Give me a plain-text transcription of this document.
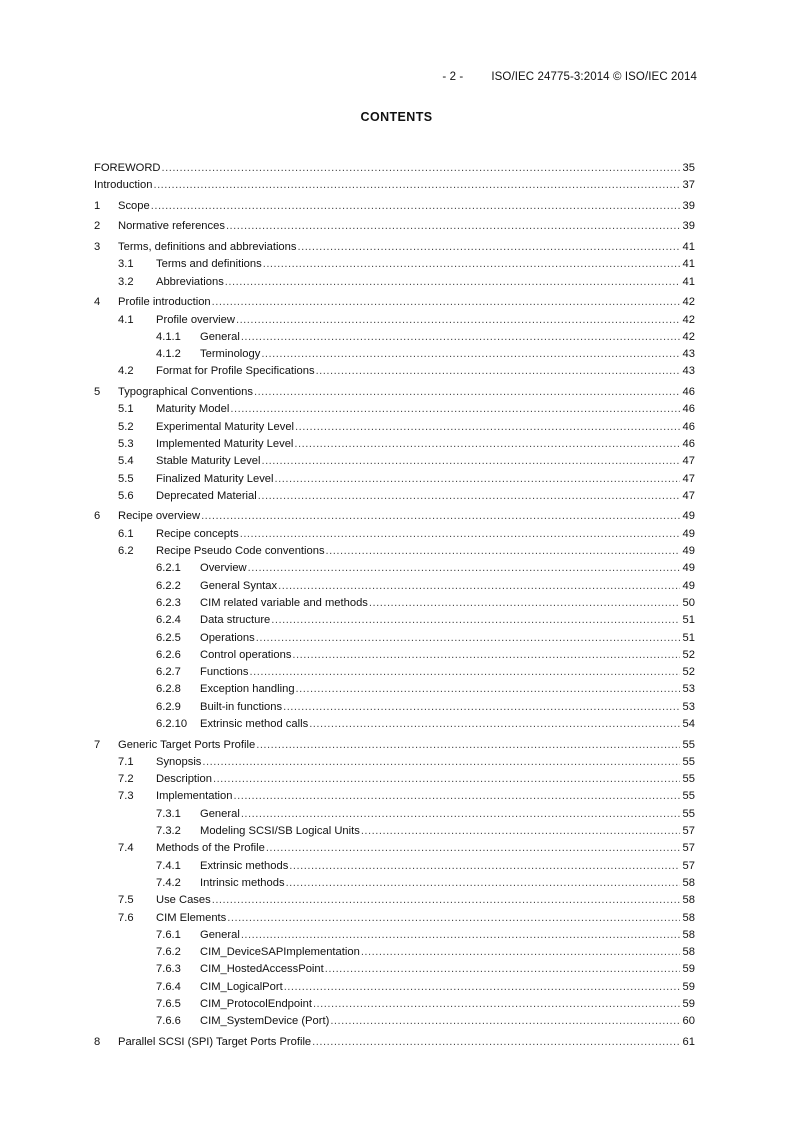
- 2 - ISO/IEC 24775-3:2014 © ISO/IEC 2014
CONTENTS
FOREWORD .....	35
Introduction .....	37
1	Scope .....	39
2	Normative references .....	39
3	Terms, definitions and abbreviations .....	41
3.1	Terms and definitions .....	41
3.2	Abbreviations .....	41
4	Profile introduction .....	42
4.1	Profile overview .....	42
4.1.1	General .....	42
4.1.2	Terminology .....	43
4.2	Format for Profile Specifications .....	43
5	Typographical Conventions .....	46
5.1	Maturity Model .....	46
5.2	Experimental Maturity Level .....	46
5.3	Implemented Maturity Level .....	46
5.4	Stable Maturity Level .....	47
5.5	Finalized Maturity Level .....	47
5.6	Deprecated Material .....	47
6	Recipe overview .....	49
6.1	Recipe concepts .....	49
6.2	Recipe Pseudo Code conventions .....	49
6.2.1	Overview .....	49
6.2.2	General Syntax .....	49
6.2.3	CIM related variable and methods .....	50
6.2.4	Data structure .....	51
6.2.5	Operations .....	51
6.2.6	Control operations .....	52
6.2.7	Functions .....	52
6.2.8	Exception handling .....	53
6.2.9	Built-in functions .....	53
6.2.10	Extrinsic method calls .....	54
7	Generic Target Ports Profile .....	55
7.1	Synopsis .....	55
7.2	Description .....	55
7.3	Implementation .....	55
7.3.1	General .....	55
7.3.2	Modeling SCSI/SB Logical Units .....	57
7.4	Methods of the Profile .....	57
7.4.1	Extrinsic methods .....	57
7.4.2	Intrinsic methods .....	58
7.5	Use Cases .....	58
7.6	CIM Elements .....	58
7.6.1	General .....	58
7.6.2	CIM_DeviceSAPImplementation .....	58
7.6.3	CIM_HostedAccessPoint .....	59
7.6.4	CIM_LogicalPort .....	59
7.6.5	CIM_ProtocolEndpoint .....	59
7.6.6	CIM_SystemDevice (Port) .....	60
8	Parallel SCSI (SPI) Target Ports Profile .....	61
